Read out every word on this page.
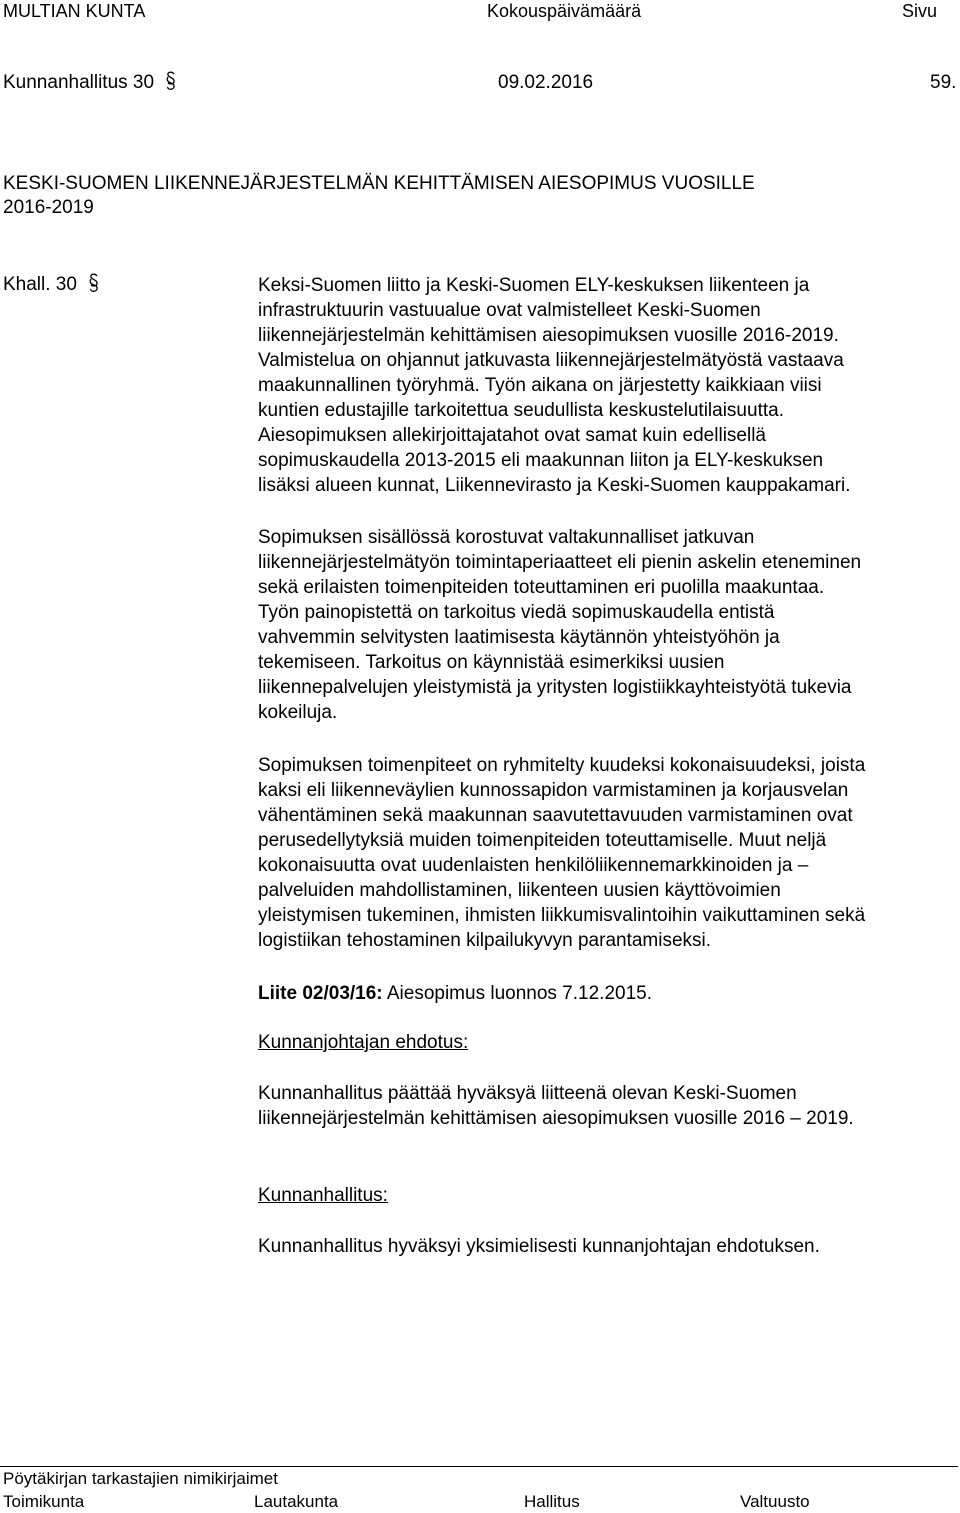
MULTIAN KUNTA	Kokouspäivämäärä	Sivu
Kunnanhallitus 30	09.02.2016	59.
KESKI-SUOMEN LIIKENNEJÄRJESTELMÄN KEHITTÄMISEN AIESOPIMUS VUOSILLE
2016-2019
Khall. 30	Keksi-Suomen liitto ja Keski-Suomen ELY-keskuksen liikenteen ja
infrastruktuurin vastuualue ovat valmistelleet Keski-Suomen
liikennejärjestelmän kehittämisen aiesopimuksen vuosille 2016-2019.
Valmistelua on ohjannut jatkuvasta liikennejärjestelmätyöstä vastaava
maakunnallinen työryhmä. Työn aikana on järjestetty kaikkiaan viisi
kuntien edustajille tarkoitettua seudullista keskustelutilaisuutta.
Aiesopimuksen allekirjoittajatahot ovat samat kuin edellisellä
sopimuskaudella 2013-2015 eli maakunnan liiton ja ELY-keskuksen
lisäksi alueen kunnat, Liikennevirasto ja Keski-Suomen kauppakamari.
Sopimuksen sisällössä korostuvat valtakunnalliset jatkuvan
liikennejärjestelmätyön toimintaperiaatteet eli pienin askelin eteneminen
sekä erilaisten toimenpiteiden toteuttaminen eri puolilla maakuntaa.
Työn painopistettä on tarkoitus viedä sopimuskaudella entistä
vahvemmin selvitysten laatimisesta käytännön yhteistyöhön ja
tekemiseen. Tarkoitus on käynnistää esimerkiksi uusien
liikennepalvelujen yleistymistä ja yritysten logistiikkayhteistyötä tukevia
kokeiluja.
Sopimuksen toimenpiteet on ryhmitelty kuudeksi kokonaisuudeksi, joista
kaksi eli liikenneväylien kunnossapidon varmistaminen ja korjausvelan
vähentäminen sekä maakunnan saavutettavuuden varmistaminen ovat
perusedellytyksiä muiden toimenpiteiden toteuttamiselle. Muut neljä
kokonaisuutta ovat uudenlaisten henkilöliikennemarkkinoiden ja –
palveluiden mahdollistaminen, liikenteen uusien käyttövoimien
yleistymisen tukeminen, ihmisten liikkumisvalintoihin vaikuttaminen sekä
logistiikan tehostaminen kilpailukyvyn parantamiseksi.
Liite 02/03/16: Aiesopimus luonnos 7.12.2015.
Kunnanjohtajan ehdotus:
Kunnanhallitus päättää hyväksyä liitteenä olevan Keski-Suomen
liikennejärjestelmän kehittämisen aiesopimuksen vuosille 2016 – 2019.
Kunnanhallitus:
Kunnanhallitus hyväksyi yksimielisesti kunnanjohtajan ehdotuksen.
Pöytäkirjan tarkastajien nimikirjaimet
Toimikunta	Lautakunta	Hallitus	Valtuusto
